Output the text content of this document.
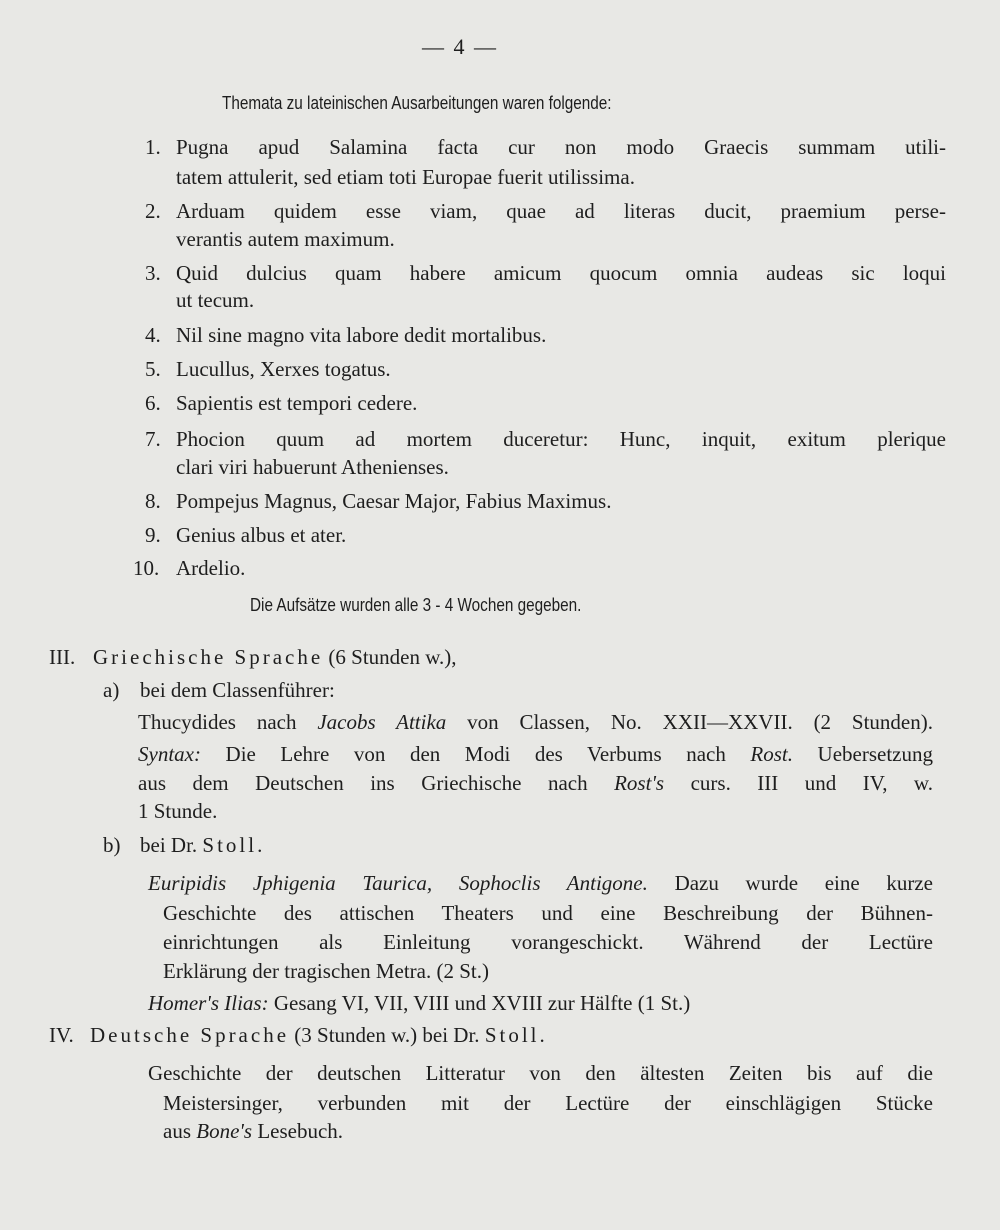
— 4 —
Themata zu lateinischen Ausarbeitungen waren folgende:
1. Pugna apud Salamina facta cur non modo Graecis summam utili-
tatem attulerit, sed etiam toti Europae fuerit utilissima.
2. Arduam quidem esse viam, quae ad literas ducit, praemium perse-
verantis autem maximum.
3. Quid dulcius quam habere amicum quocum omnia audeas sic loqui
ut tecum.
4. Nil sine magno vita labore dedit mortalibus.
5. Lucullus, Xerxes togatus.
6. Sapientis est tempori cedere.
7. Phocion quum ad mortem duceretur: Hunc, inquit, exitum plerique
clari viri habuerunt Athenienses.
8. Pompejus Magnus, Caesar Major, Fabius Maximus.
9. Genius albus et ater.
10. Ardelio.
Die Aufsätze wurden alle 3 - 4 Wochen gegeben.
III. Griechische Sprache (6 Stunden w.),
a) bei dem Classenführer:
Thucydides nach Jacobs Attika von Classen, No. XXII—XXVII. (2 Stunden).
Syntax: Die Lehre von den Modi des Verbums nach Rost. Uebersetzung
aus dem Deutschen ins Griechische nach Rost's curs. III und IV, w.
1 Stunde.
b) bei Dr. Stoll.
Euripidis Jphigenia Taurica, Sophoclis Antigone. Dazu wurde eine kurze
Geschichte des attischen Theaters und eine Beschreibung der Bühnen-
einrichtungen als Einleitung vorangeschickt. Während der Lectüre
Erklärung der tragischen Metra. (2 St.)
Homer's Ilias: Gesang VI, VII, VIII und XVIII zur Hälfte (1 St.)
IV. Deutsche Sprache (3 Stunden w.) bei Dr. Stoll.
Geschichte der deutschen Litteratur von den ältesten Zeiten bis auf die
Meistersinger, verbunden mit der Lectüre der einschlägigen Stücke
aus Bone's Lesebuch.
